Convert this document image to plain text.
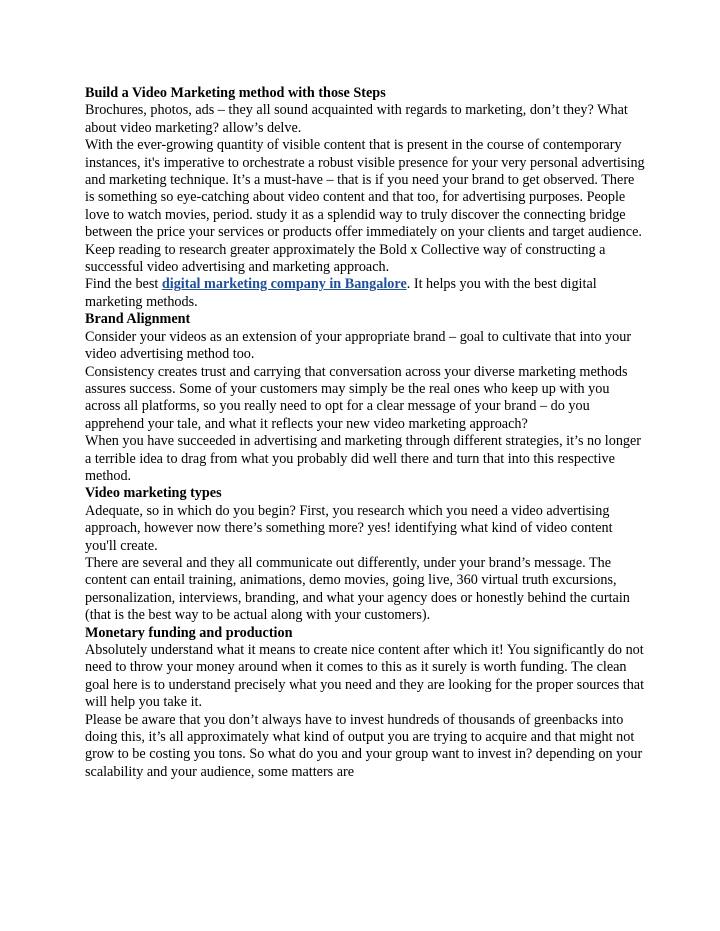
Build a Video Marketing method with those Steps

Brochures, photos, ads – they all sound acquainted with regards to marketing, don’t they? What about video marketing? allow’s delve.

With the ever-growing quantity of visible content that is present in the course of contemporary instances, it's imperative to orchestrate a robust visible presence for your very personal advertising and marketing technique. It’s a must-have – that is if you need your brand to get observed. There is something so eye-catching about video content and that too, for advertising purposes. People love to watch movies, period. study it as a splendid way to truly discover the connecting bridge between the price your services or products offer immediately on your clients and target audience.

Keep reading to research greater approximately the Bold x Collective way of constructing a successful video advertising and marketing approach.

Find the best digital marketing company in Bangalore. It helps you with the best digital marketing methods.

Brand Alignment

Consider your videos as an extension of your appropriate brand – goal to cultivate that into your video advertising method too.

Consistency creates trust and carrying that conversation across your diverse marketing methods assures success. Some of your customers may simply be the real ones who keep up with you across all platforms, so you really need to opt for a clear message of your brand – do you apprehend your tale, and what it reflects your new video marketing approach?

When you have succeeded in advertising and marketing through different strategies, it’s no longer a terrible idea to drag from what you probably did well there and turn that into this respective method.

Video marketing types

Adequate, so in which do you begin? First, you research which you need a video advertising approach, however now there’s something more? yes! identifying what kind of video content you'll create.

There are several and they all communicate out differently, under your brand’s message. The content can entail training, animations, demo movies, going live, 360 virtual truth excursions, personalization, interviews, branding, and what your agency does or honestly behind the curtain (that is the best way to be actual along with your customers).

Monetary funding and production

Absolutely understand what it means to create nice content after which it! You significantly do not need to throw your money around when it comes to this as it surely is worth funding. The clean goal here is to understand precisely what you need and they are looking for the proper sources that will help you take it.

Please be aware that you don’t always have to invest hundreds of thousands of greenbacks into doing this, it’s all approximately what kind of output you are trying to acquire and that might not grow to be costing you tons. So what do you and your group want to invest in? depending on your scalability and your audience, some matters are
